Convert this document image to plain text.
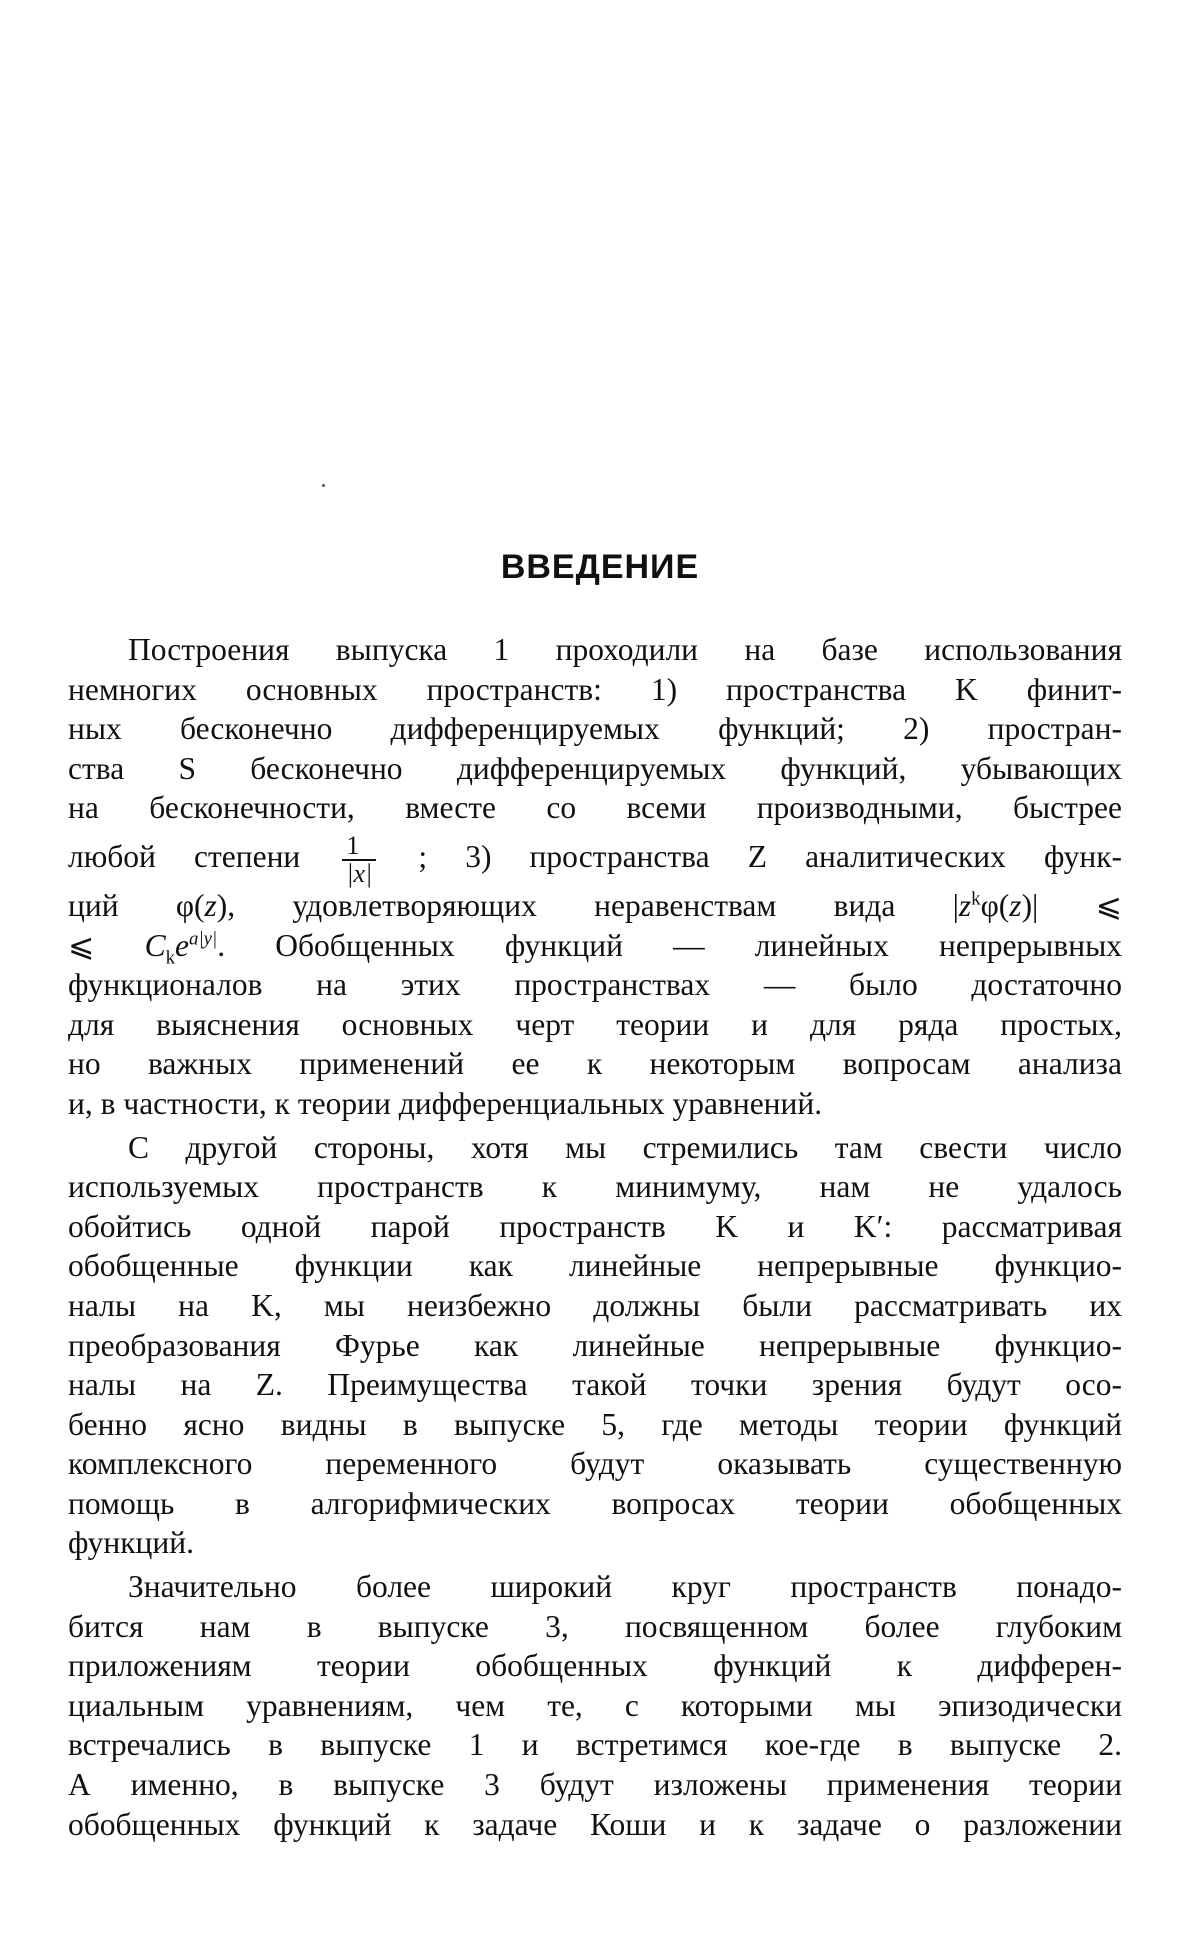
ВВЕДЕНИЕ
Построения выпуска 1 проходили на базе использования
немногих основных пространств: 1) пространства K финит-
ных бесконечно дифференцируемых функций; 2) простран-
ства S бесконечно дифференцируемых функций, убывающих
на бесконечности, вместе со всеми производными, быстрее
любой степени $\frac{1}{|x|}$ ; 3) пространства Z аналитических функ-
ций φ(z), удовлетворяющих неравенствам вида $|z^k\varphi(z)|$ ⩽
⩽ $C_ke^{a|y|}$. Обобщенных функций — линейных непрерывных
функционалов на этих пространствах — было достаточно
для выяснения основных черт теории и для ряда простых,
но важных применений ее к некоторым вопросам анализа
и, в частности, к теории дифференциальных уравнений.
С другой стороны, хотя мы стремились там свести число
используемых пространств к минимуму, нам не удалось
обойтись одной парой пространств K и K′: рассматривая
обобщенные функции как линейные непрерывные функцио-
налы на K, мы неизбежно должны были рассматривать их
преобразования Фурье как линейные непрерывные функцио-
налы на Z. Преимущества такой точки зрения будут осо-
бенно ясно видны в выпуске 5, где методы теории функций
комплексного переменного будут оказывать существенную
помощь в алгорифмических вопросах теории обобщенных
функций.
Значительно более широкий круг пространств понадо-
бится нам в выпуске 3, посвященном более глубоким
приложениям теории обобщенных функций к дифферен-
циальным уравнениям, чем те, с которыми мы эпизодически
встречались в выпуске 1 и встретимся кое-где в выпуске 2.
А именно, в выпуске 3 будут изложены применения теории
обобщенных функций к задаче Коши и к задаче о разложении
